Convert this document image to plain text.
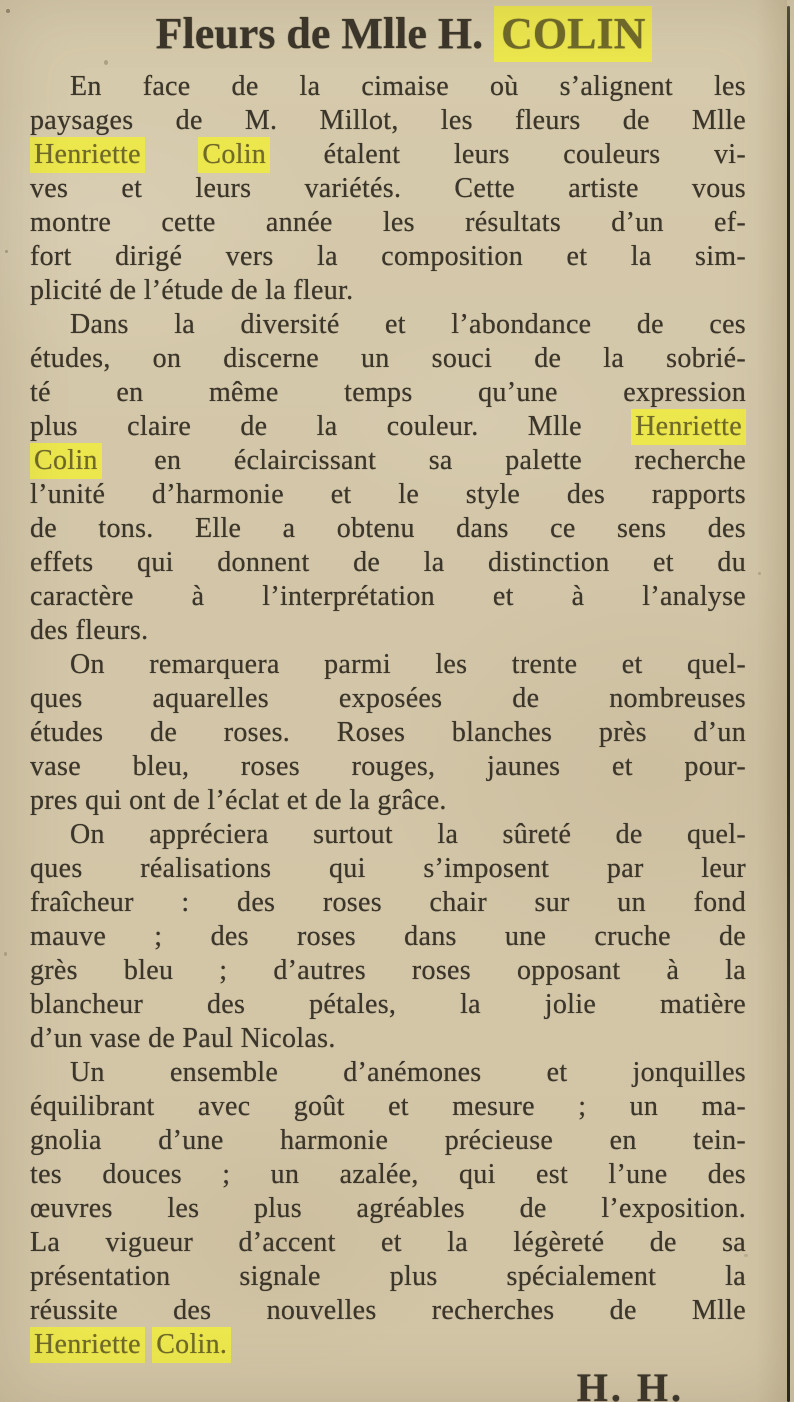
Fleurs de Mlle H. COLIN
En face de la cimaise où s’alignent les
paysages de M. Millot, les fleurs de Mlle
Henriette Colin étalent leurs couleurs vi-
ves et leurs variétés. Cette artiste vous
montre cette année les résultats d’un ef-
fort dirigé vers la composition et la sim-
plicité de l’étude de la fleur.
Dans la diversité et l’abondance de ces
études, on discerne un souci de la sobrié-
té en même temps qu’une expression
plus claire de la couleur. Mlle Henriette
Colin en éclaircissant sa palette recherche
l’unité d’harmonie et le style des rapports
de tons. Elle a obtenu dans ce sens des
effets qui donnent de la distinction et du
caractère à l’interprétation et à l’analyse
des fleurs.
On remarquera parmi les trente et quel-
ques aquarelles exposées de nombreuses
études de roses. Roses blanches près d’un
vase bleu, roses rouges, jaunes et pour-
pres qui ont de l’éclat et de la grâce.
On appréciera surtout la sûreté de quel-
ques réalisations qui s’imposent par leur
fraîcheur : des roses chair sur un fond
mauve ; des roses dans une cruche de
grès bleu ; d’autres roses opposant à la
blancheur des pétales, la jolie matière
d’un vase de Paul Nicolas.
Un ensemble d’anémones et jonquilles
équilibrant avec goût et mesure ; un ma-
gnolia d’une harmonie précieuse en tein-
tes douces ; un azalée, qui est l’une des
œuvres les plus agréables de l’exposition.
La vigueur d’accent et la légèreté de sa
présentation signale plus spécialement la
réussite des nouvelles recherches de Mlle
Henriette Colin.

H. H.
